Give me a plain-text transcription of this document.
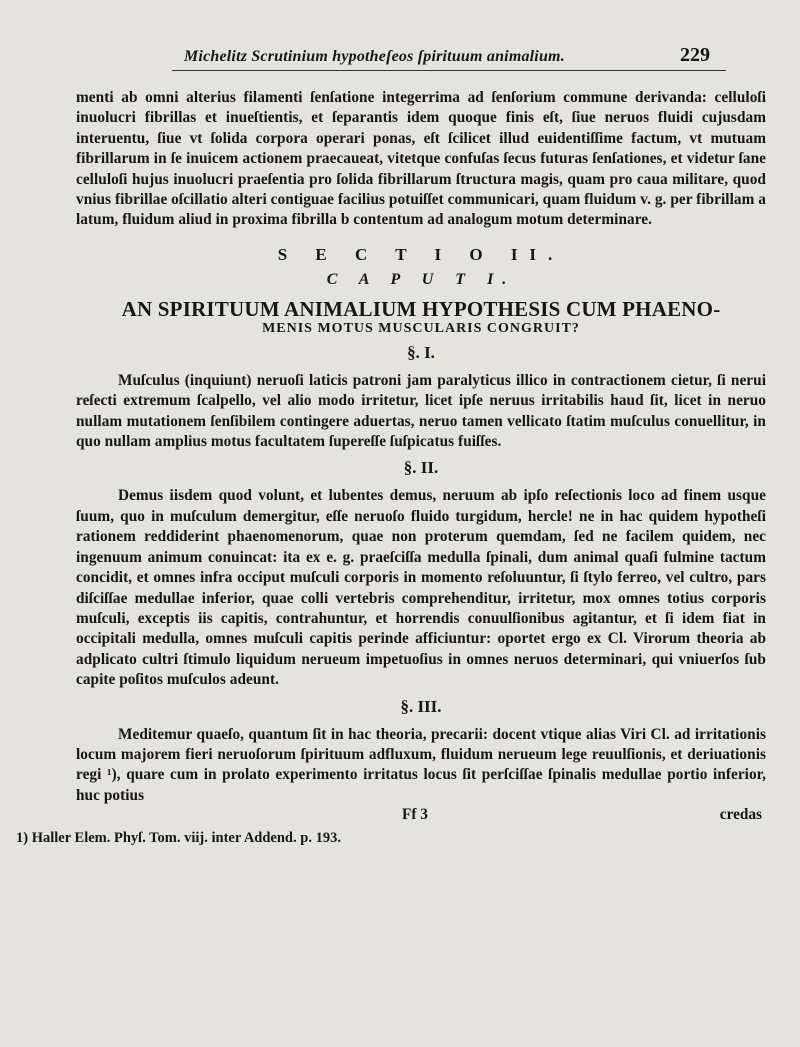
Michelitz Scrutinium hypotheſeos ſpirituum animalium.	229

menti ab omni alterius filamenti ſenſatione integerrima ad ſenſorium commune derivanda: celluloſi inuolucri fibrillas et inueſtientis, et ſeparantis idem quoque finis eſt, ſiue neruos fluidi cujusdam interuentu, ſiue vt ſolida corpora operari ponas, eſt ſcilicet illud euidentiſſime factum, vt mutuam fibrillarum in ſe inuicem actionem praecaueat, vitetque confuſas ſecus futuras ſenſationes, et videtur ſane celluloſi hujus inuolucri praeſentia pro ſolida fibrillarum ſtructura magis, quam pro caua militare, quod vnius fibrillae oſcillatio alteri contiguae facilius potuiſſet communicari, quam fluidum v. g. per fibrillam a latum, fluidum aliud in proxima fibrilla b contentum ad analogum motum determinare.

S E C T I O II.
C A P U T I.
AN SPIRITUUM ANIMALIUM HYPOTHESIS CUM PHAENO-
MENIS MOTUS MUSCULARIS CONGRUIT?
§. I.

Muſculus (inquiunt) neruoſi laticis patroni jam paralyticus illico in contractionem cietur, ſi nerui reſecti extremum ſcalpello, vel alio modo irritetur, licet ipſe neruus irritabilis haud ſit, licet in neruo nullam mutationem ſenſibilem contingere aduertas, neruo tamen vellicato ſtatim muſculus conuellitur, in quo nullam amplius motus facultatem ſupereſſe ſuſpicatus fuiſſes.

§. II.

Demus iisdem quod volunt, et lubentes demus, neruum ab ipſo reſectionis loco ad finem usque ſuum, quo in muſculum demergitur, eſſe neruoſo fluido turgidum, hercle! ne in hac quidem hypotheſi rationem reddiderint phaenomenorum, quae non proterum quemdam, ſed ne facilem quidem, nec ingenuum animum conuincat: ita ex e. g. praeſciſſa medulla ſpinali, dum animal quaſi fulmine tactum concidit, et omnes infra occiput muſculi corporis in momento reſoluuntur, ſi ſtylo ferreo, vel cultro, pars diſciſſae medullae inferior, quae colli vertebris comprehenditur, irritetur, mox omnes totius corporis muſculi, exceptis iis capitis, contrahuntur, et horrendis conuulſionibus agitantur, et ſi idem fiat in occipitali medulla, omnes muſculi capitis perinde afficiuntur: oportet ergo ex Cl. Virorum theoria ab adplicato cultri ſtimulo liquidum nerueum impetuoſius in omnes neruos determinari, qui vniuerſos ſub capite poſitos muſculos adeunt.

§. III.

Meditemur quaeſo, quantum ſit in hac theoria, precarii: docent vtique alias Viri Cl. ad irritationis locum majorem fieri neruoſorum ſpirituum adfluxum, fluidum nerueum lege reuulſionis, et deriuationis regi ¹), quare cum in prolato experimento irritatus locus ſit perſciſſae ſpinalis medullae portio inferior, huc potius

Ff 3	credas
1) Haller Elem. Phyſ. Tom. viij. inter Addend. p. 193.
